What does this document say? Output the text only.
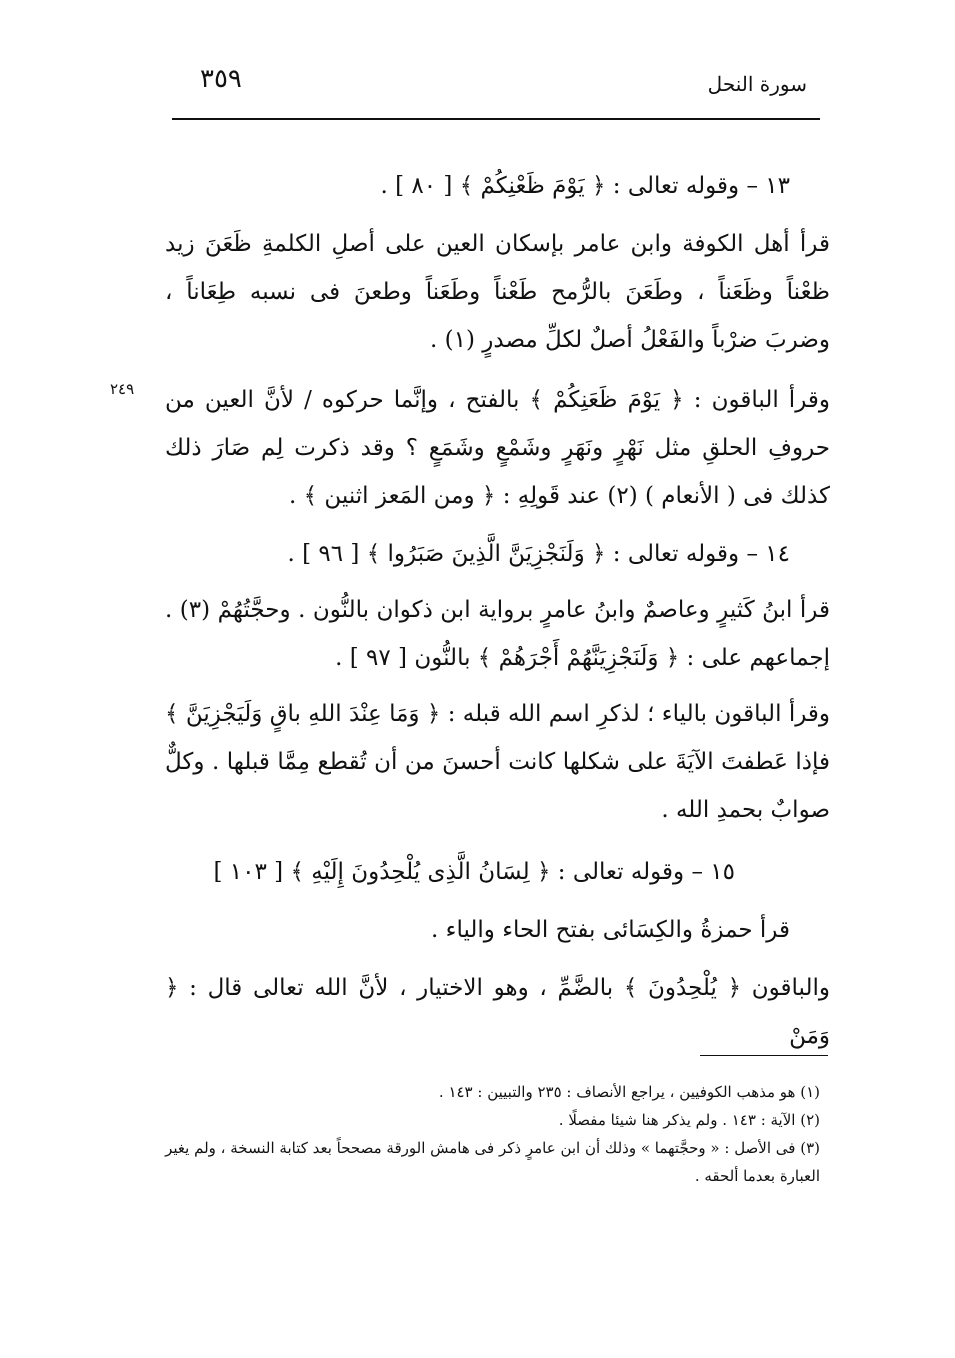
سورة النحل
٣٥٩
٢٤٩
١٣ – وقوله تعالى : ﴿ يَوْمَ ظَعْنِكُمْ ﴾ [ ٨٠ ] .

قرأ أهل الكوفة وابن عامر بإسكان العين على أصلِ الكلمةِ ظَعَنَ زيد ظعْناً وظَعَناً ، وطَعَنَ بالرُّمح طَعْناً وطَعَناً وطعنَ فى نسبه طِعَاناً ، وضربَ ضرْباً والفَعْلُ أصلٌ لكلِّ مصدرٍ (١) .

وقرأ الباقون : ﴿ يَوْمَ ظَعَنِكُمْ ﴾ بالفتح ، وإنَّما حركوه / لأنَّ العين من حروفِ الحلقِ مثل نَهْرٍ ونَهَرٍ وشَمْعٍ وشَمَعٍ ؟ وقد ذكرت لِم صَارَ ذلك كذلك فى ( الأنعام ) (٢) عند قَولِهِ : ﴿ ومن المَعز اثنين ﴾ .

١٤ – وقوله تعالى : ﴿ وَلَنَجْزِيَنَّ الَّذِينَ صَبَرُوا ﴾ [ ٩٦ ] .

قرأ ابنُ كَثيرٍ وعاصمٌ وابنُ عامرٍ برواية ابن ذكوان بالنُّون . وحجَّتُهُمْ (٣) . إجماعهم على : ﴿ وَلَنَجْزِيَنَّهُمْ أَجْرَهُمْ ﴾ بالنُّون [ ٩٧ ] .

وقرأ الباقون بالياء ؛ لذكرِ اسم الله قبله : ﴿ وَمَا عِنْدَ اللهِ باقٍ وَلَيَجْزِيَنَّ ﴾ فإذا عَطفتَ الآيَةَ على شكلها كانت أحسنَ من أن تُقطع مِمَّا قبلها . وكلٌّ صوابٌ بحمدِ الله .

١٥ – وقوله تعالى : ﴿ لِسَانُ الَّذِى يُلْحِدُونَ إِلَيْهِ ﴾ [ ١٠٣ ]

قرأ حمزةُ والكِسَائى بفتح الحاء والياء .

والباقون ﴿ يُلْحِدُونَ ﴾ بالضَّمِّ ، وهو الاختيار ، لأنَّ الله تعالى قال : ﴿ وَمَنْ

(١) هو مذهب الكوفيين ، يراجع الأنصاف : ٢٣٥ والتبيين : ١٤٣ .

(٢) الآية : ١٤٣ . ولم يذكر هنا شيئا مفصلًا .

(٣) فى الأصل : « وحجَّتهما » وذلك أن ابن عامرٍ ذكر فى هامش الورقة مصححاً بعد كتابة النسخة ، ولم يغير العبارة بعدما ألحقه .
